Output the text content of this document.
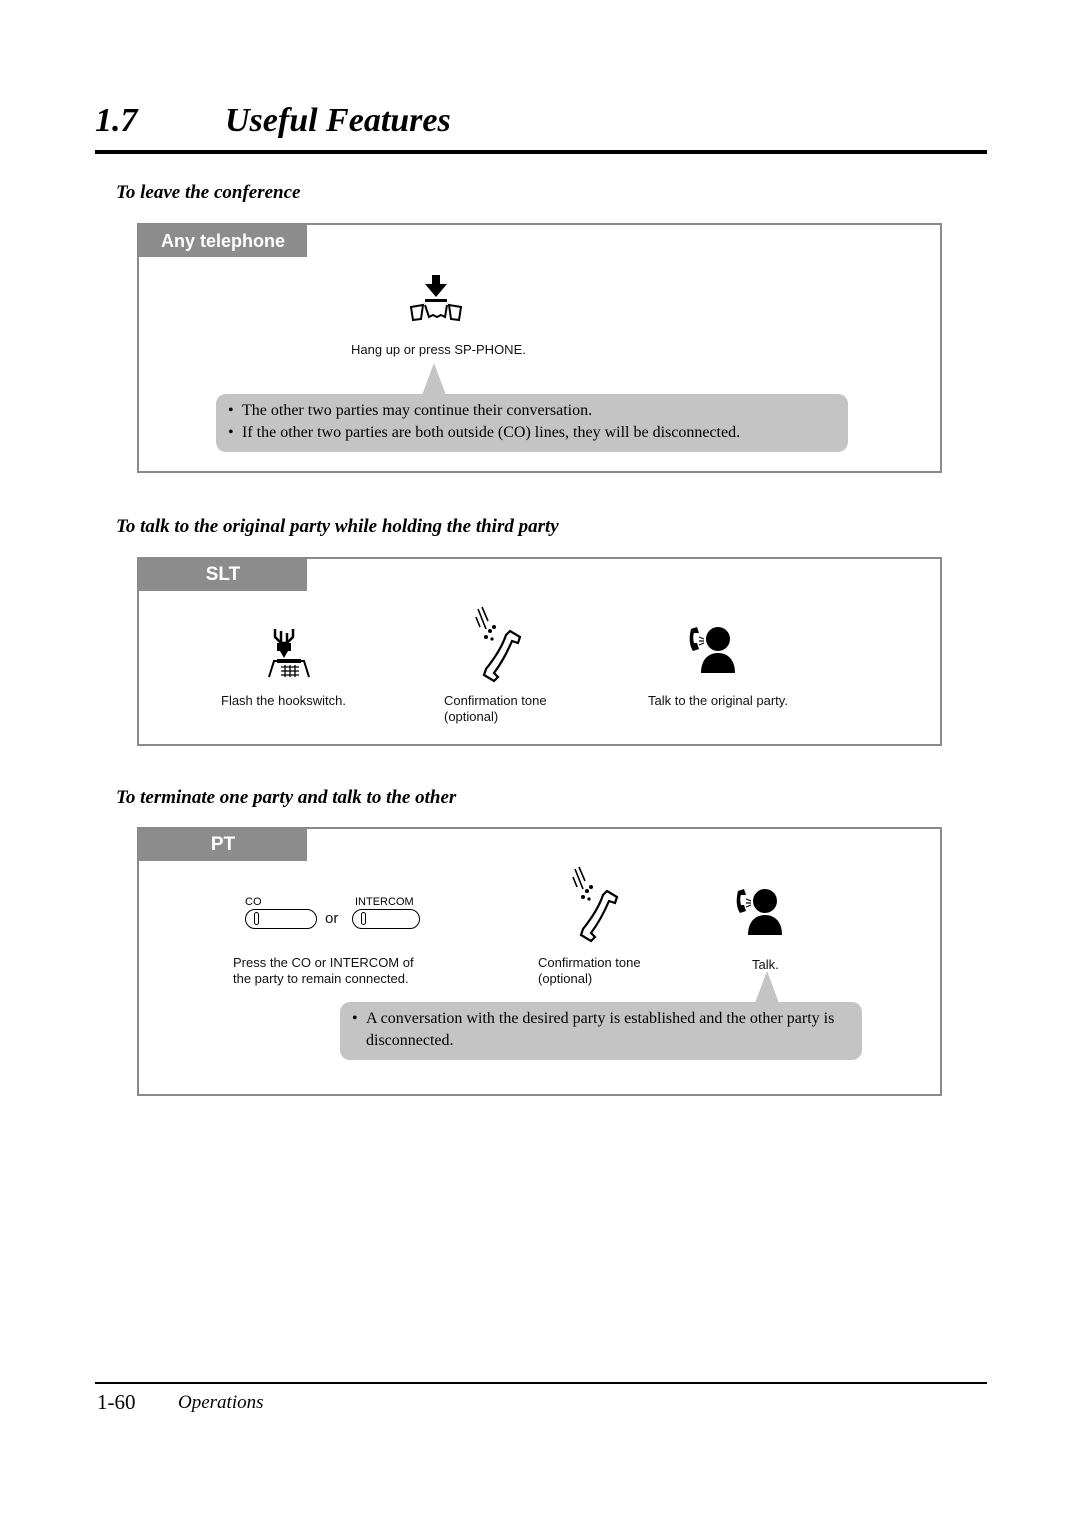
1.7	Useful Features
To leave the conference
Any telephone
Hang up or press SP-PHONE.
• The other two parties may continue their conversation.
• If the other two parties are both outside (CO) lines, they will be disconnected.
To talk to the original party while holding the third party
SLT
Flash the hookswitch.	Confirmation tone
(optional)
Talk to the original party.
To terminate one party and talk to the other
PT
CO
or
INTERCOM
Press the CO or INTERCOM of
the party to remain connected.
Confirmation tone
(optional)
Talk.
• A conversation with the desired party is established and the other party is disconnected.
1-60 Operations
